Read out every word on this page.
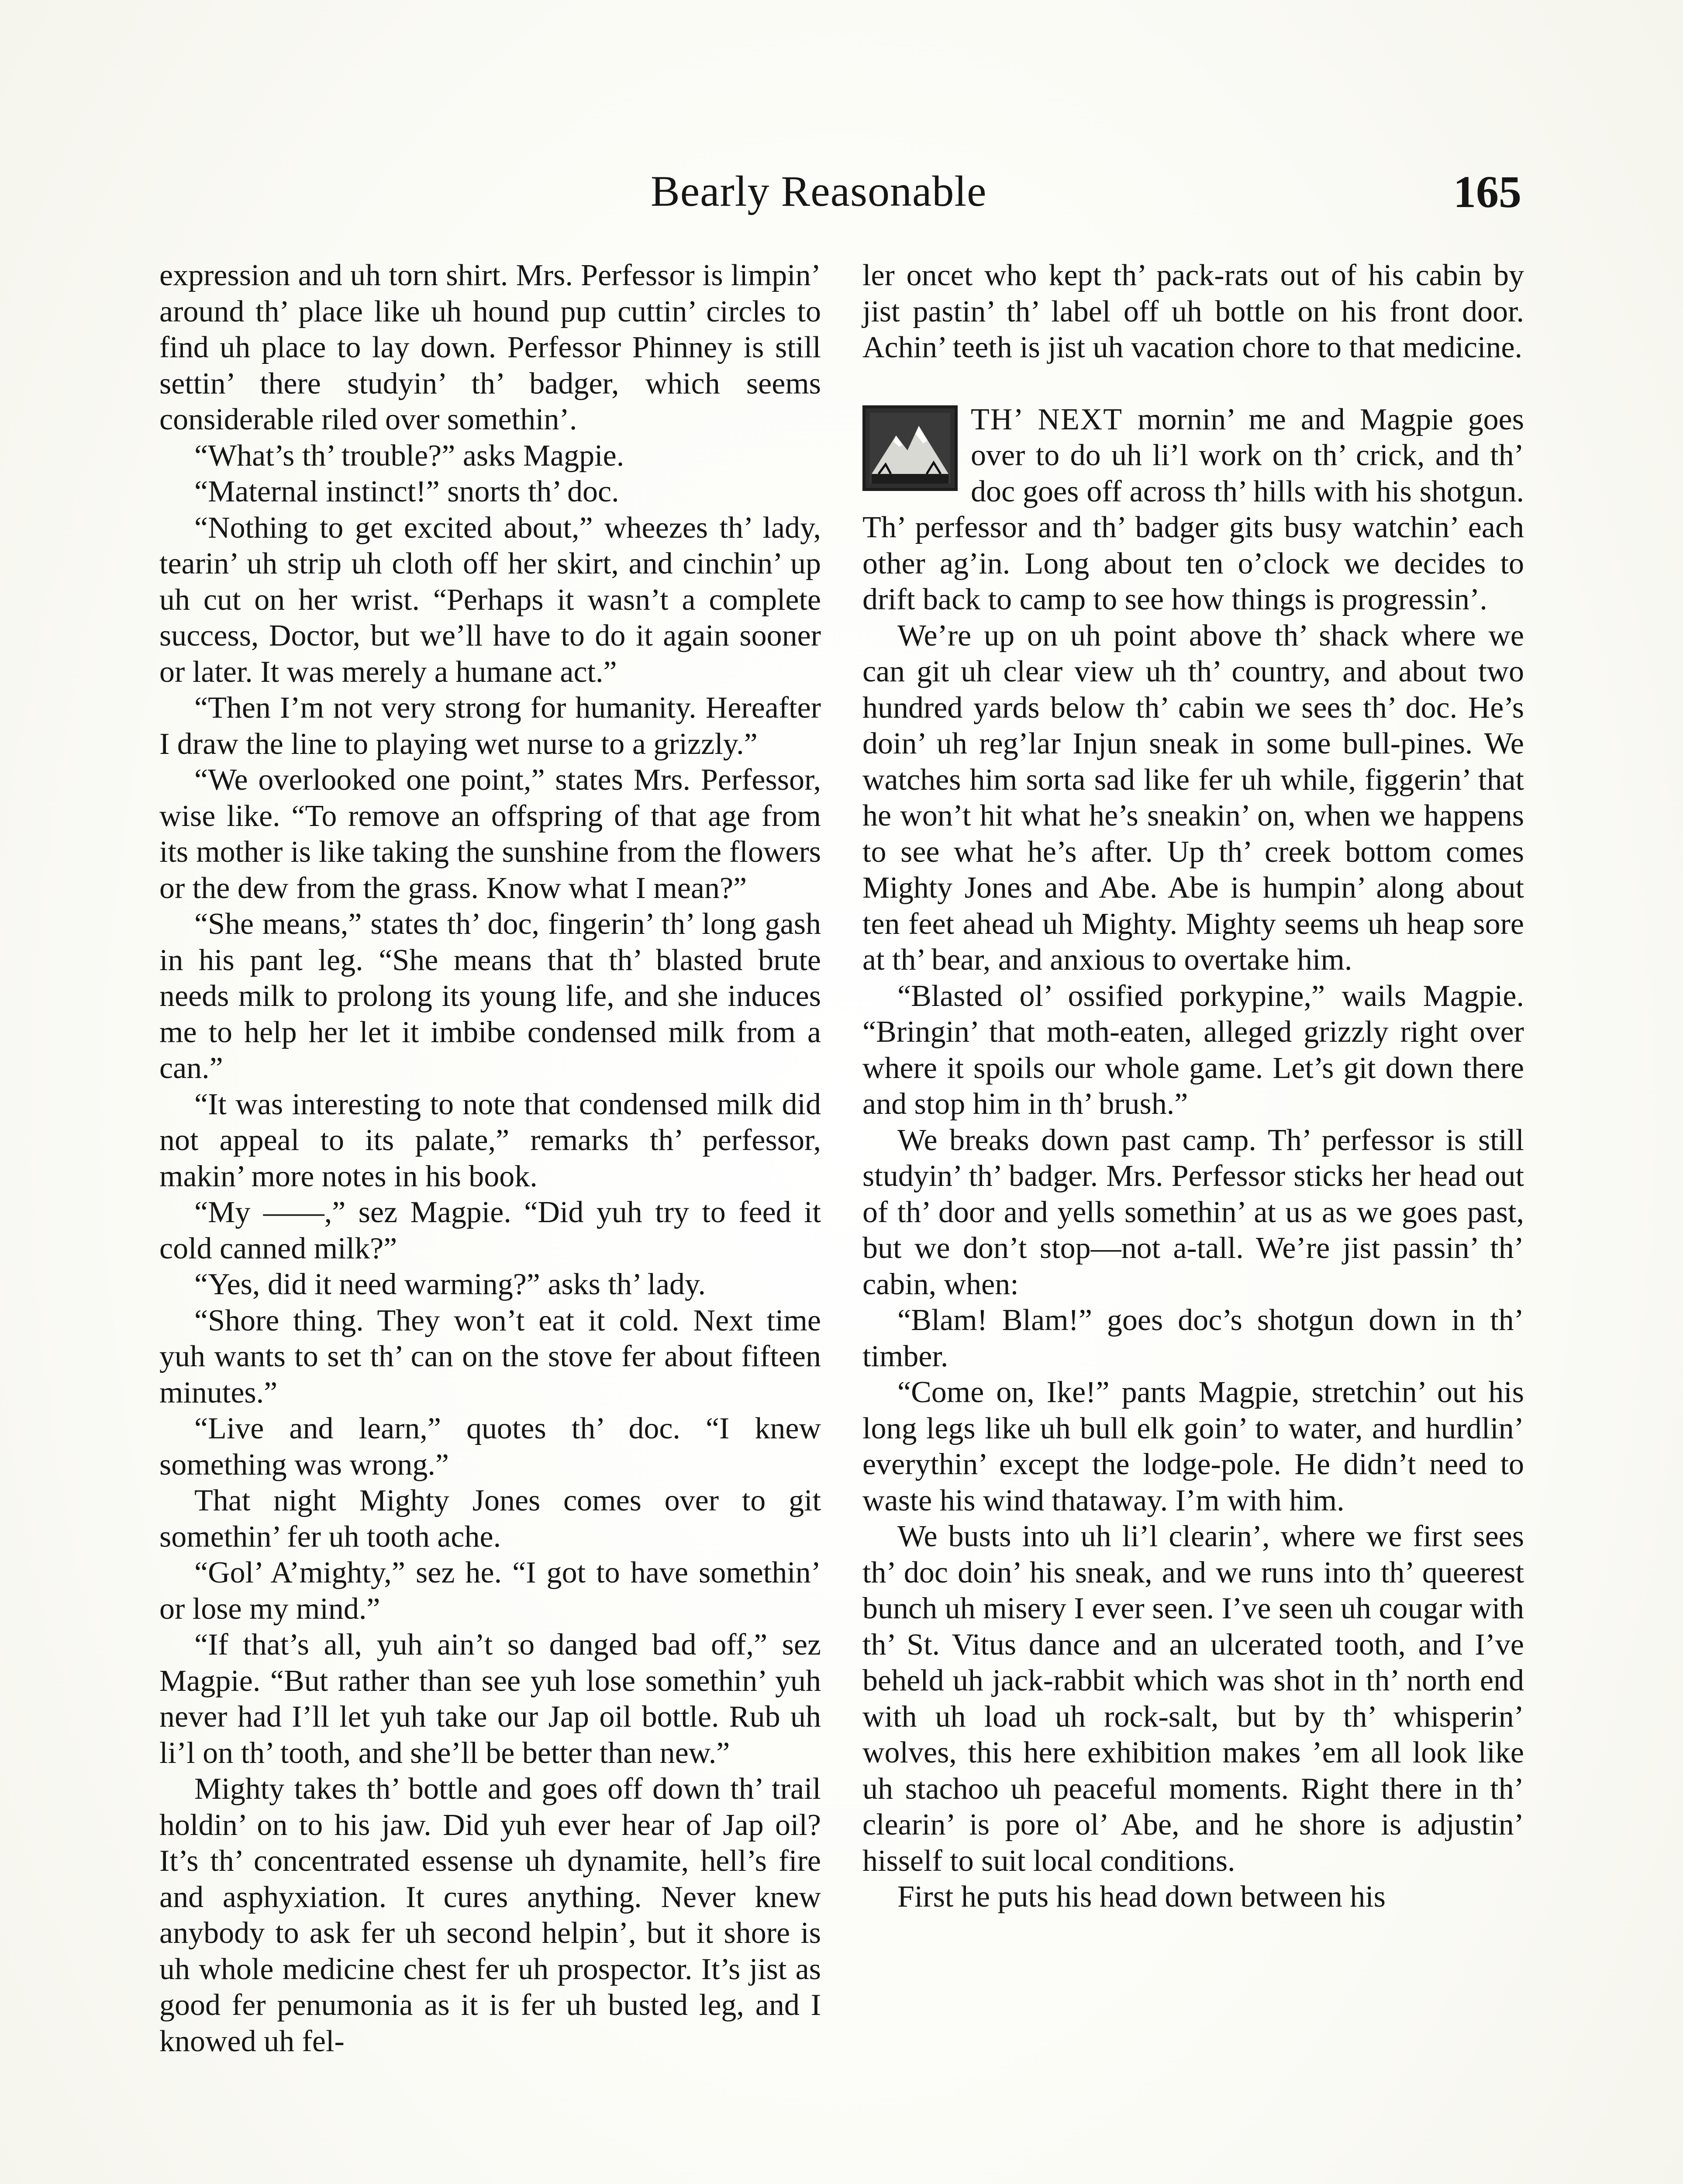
Bearly Reasonable	165

expression and uh torn shirt. Mrs. Perfessor is limpin’ around th’ place like uh hound pup cuttin’ circles to find uh place to lay down. Perfessor Phinney is still settin’ there studyin’ th’ badger, which seems considerable riled over somethin’.

“What’s th’ trouble?” asks Magpie.

“Maternal instinct!” snorts th’ doc.

“Nothing to get excited about,” wheezes th’ lady, tearin’ uh strip uh cloth off her skirt, and cinchin’ up uh cut on her wrist. “Perhaps it wasn’t a complete success, Doctor, but we’ll have to do it again sooner or later. It was merely a humane act.”

“Then I’m not very strong for humanity. Hereafter I draw the line to playing wet nurse to a grizzly.”

“We overlooked one point,” states Mrs. Perfessor, wise like. “To remove an offspring of that age from its mother is like taking the sunshine from the flowers or the dew from the grass. Know what I mean?”

“She means,” states th’ doc, fingerin’ th’ long gash in his pant leg. “She means that th’ blasted brute needs milk to prolong its young life, and she induces me to help her let it imbibe condensed milk from a can.”

“It was interesting to note that condensed milk did not appeal to its palate,” remarks th’ perfessor, makin’ more notes in his book.

“My ——,” sez Magpie. “Did yuh try to feed it cold canned milk?”

“Yes, did it need warming?” asks th’ lady.

“Shore thing. They won’t eat it cold. Next time yuh wants to set th’ can on the stove fer about fifteen minutes.”

“Live and learn,” quotes th’ doc. “I knew something was wrong.”

That night Mighty Jones comes over to git somethin’ fer uh tooth ache.

“Gol’ A’mighty,” sez he. “I got to have somethin’ or lose my mind.”

“If that’s all, yuh ain’t so danged bad off,” sez Magpie. “But rather than see yuh lose somethin’ yuh never had I’ll let yuh take our Jap oil bottle. Rub uh li’l on th’ tooth, and she’ll be better than new.”

Mighty takes th’ bottle and goes off down th’ trail holdin’ on to his jaw. Did yuh ever hear of Jap oil? It’s th’ concentrated essense uh dynamite, hell’s fire and asphyxiation. It cures anything. Never knew anybody to ask fer uh second helpin’, but it shore is uh whole medicine chest fer uh prospector. It’s jist as good fer penumonia as it is fer uh busted leg, and I knowed uh fel-

ler oncet who kept th’ pack-rats out of his cabin by jist pastin’ th’ label off uh bottle on his front door. Achin’ teeth is jist uh vacation chore to that medicine.

TH’ NEXT mornin’ me and Magpie goes over to do uh li’l work on th’ crick, and th’ doc goes off across th’ hills with his shotgun. Th’ perfessor and th’ badger gits busy watchin’ each other ag’in. Long about ten o’clock we decides to drift back to camp to see how things is progressin’.

We’re up on uh point above th’ shack where we can git uh clear view uh th’ country, and about two hundred yards below th’ cabin we sees th’ doc. He’s doin’ uh reg’lar Injun sneak in some bull-pines. We watches him sorta sad like fer uh while, figgerin’ that he won’t hit what he’s sneakin’ on, when we happens to see what he’s after. Up th’ creek bottom comes Mighty Jones and Abe. Abe is humpin’ along about ten feet ahead uh Mighty. Mighty seems uh heap sore at th’ bear, and anxious to overtake him.

“Blasted ol’ ossified porkypine,” wails Magpie. “Bringin’ that moth-eaten, alleged grizzly right over where it spoils our whole game. Let’s git down there and stop him in th’ brush.”

We breaks down past camp. Th’ perfessor is still studyin’ th’ badger. Mrs. Perfessor sticks her head out of th’ door and yells somethin’ at us as we goes past, but we don’t stop—not a-tall. We’re jist passin’ th’ cabin, when:

“Blam! Blam!” goes doc’s shotgun down in th’ timber.

“Come on, Ike!” pants Magpie, stretchin’ out his long legs like uh bull elk goin’ to water, and hurdlin’ everythin’ except the lodge-pole. He didn’t need to waste his wind thataway. I’m with him.

We busts into uh li’l clearin’, where we first sees th’ doc doin’ his sneak, and we runs into th’ queerest bunch uh misery I ever seen. I’ve seen uh cougar with th’ St. Vitus dance and an ulcerated tooth, and I’ve beheld uh jack-rabbit which was shot in th’ north end with uh load uh rock-salt, but by th’ whisperin’ wolves, this here exhibition makes ’em all look like uh stachoo uh peaceful moments. Right there in th’ clearin’ is pore ol’ Abe, and he shore is adjustin’ hisself to suit local conditions.

First he puts his head down between his
